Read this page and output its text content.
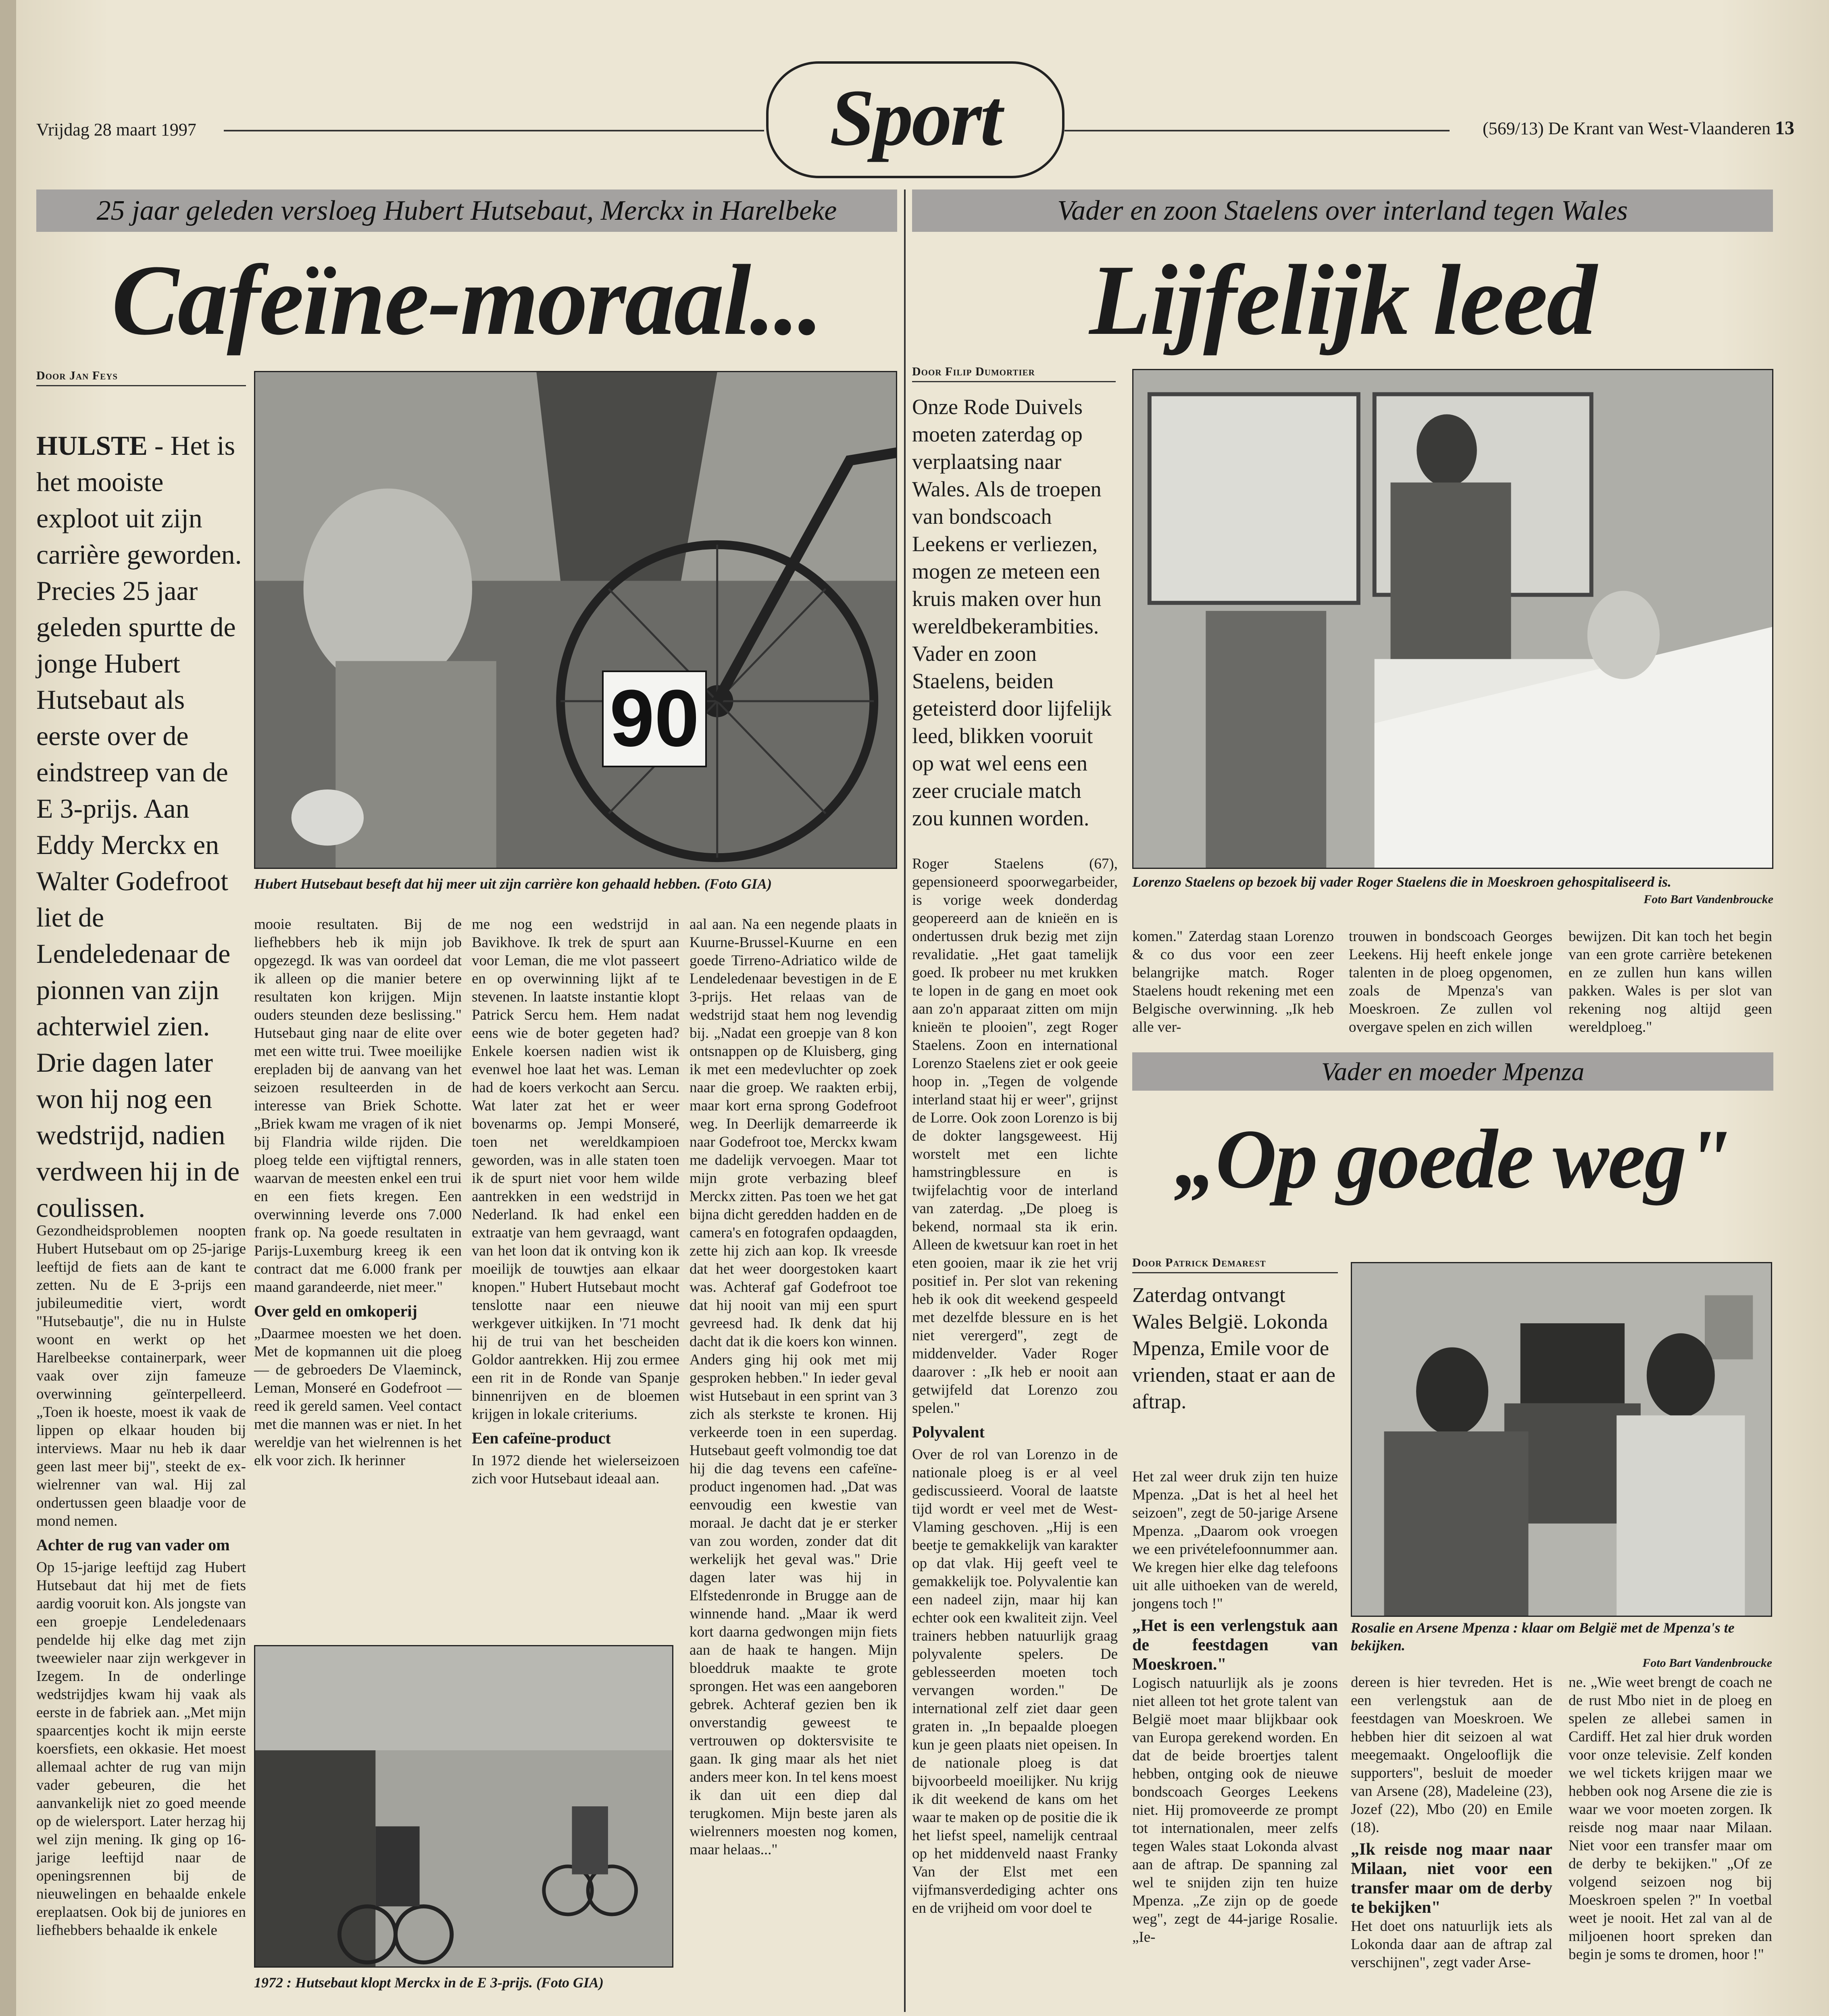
Vrijdag 28 maart 1997	Sport	(569/13) De Krant van West-Vlaanderen 13
25 jaar geleden versloeg Hubert Hutsebaut, Merckx in Harelbeke
Cafeïne-moraal...
Door Jan Feys
HULSTE - Het is het mooiste exploot uit zijn carrière geworden. Precies 25 jaar geleden spurtte de jonge Hubert Hutsebaut als eerste over de eindstreep van de E 3-prijs. Aan Eddy Merckx en Walter Godefroot liet de Lendeledenaar de pionnen van zijn achterwiel zien. Drie dagen later won hij nog een wedstrijd, nadien verdween hij in de coulissen.
90
Hubert Hutsebaut beseft dat hij meer uit zijn carrière kon gehaald hebben. (Foto GIA)

Gezondheidsproblemen noopten Hubert Hutsebaut om op 25-jarige leeftijd de fiets aan de kant te zetten. Nu de E 3-prijs een jubileumeditie viert, wordt "Hutsebautje", die nu in Hulste woont en werkt op het Harelbeekse containerpark, weer vaak over zijn fameuze overwinning geïnterpelleerd. „Toen ik hoeste, moest ik vaak de lippen op elkaar houden bij interviews. Maar nu heb ik daar geen last meer bij", steekt de ex-wielrenner van wal. Hij zal ondertussen geen blaadje voor de mond nemen.

Achter de rug van vader om

Op 15-jarige leeftijd zag Hubert Hutsebaut dat hij met de fiets aardig vooruit kon. Als jongste van een groepje Lendeledenaars pendelde hij elke dag met zijn tweewieler naar zijn werkgever in Izegem. In de onderlinge wedstrijdjes kwam hij vaak als eerste in de fabriek aan. „Met mijn spaarcentjes kocht ik mijn eerste koersfiets, een okkasie. Het moest allemaal achter de rug van mijn vader gebeuren, die het aanvankelijk niet zo goed meende op de wielersport. Later herzag hij wel zijn mening. Ik ging op 16-jarige leeftijd naar de openingsrennen bij de nieuwelingen en behaalde enkele ereplaatsen. Ook bij de juniores en liefhebbers behaalde ik enkele

mooie resultaten. Bij de liefhebbers heb ik mijn job opgezegd. Ik was van oordeel dat ik alleen op die manier betere resultaten kon krijgen. Mijn ouders steunden deze beslissing." Hutsebaut ging naar de elite over met een witte trui. Twee moeilijke erepladen bij de aanvang van het seizoen resulteerden in de interesse van Briek Schotte. „Briek kwam me vragen of ik niet bij Flandria wilde rijden. Die ploeg telde een vijftigtal renners, waarvan de meesten enkel een trui en een fiets kregen. Een overwinning leverde ons 7.000 frank op. Na goede resultaten in Parijs-Luxemburg kreeg ik een contract dat me 6.000 frank per maand garandeerde, niet meer."

Over geld en omkoperij

„Daarmee moesten we het doen. Met de kopmannen uit die ploeg — de gebroeders De Vlaeminck, Leman, Monseré en Godefroot — reed ik gereld samen. Veel contact met die mannen was er niet. In het wereldje van het wielrennen is het elk voor zich. Ik herinner

me nog een wedstrijd in Bavikhove. Ik trek de spurt aan voor Leman, die me vlot passeert en op overwinning lijkt af te stevenen. In laatste instantie klopt Patrick Sercu hem. Hem nadat eens wie de boter gegeten had? Enkele koersen nadien wist ik evenwel hoe laat het was. Leman had de koers verkocht aan Sercu. Wat later zat het er weer bovenarms op. Jempi Monseré, toen net wereldkampioen geworden, was in alle staten toen ik de spurt niet voor hem wilde aantrekken in een wedstrijd in Nederland. Ik had enkel een extraatje van hem gevraagd, want van het loon dat ik ontving kon ik moeilijk de touwtjes aan elkaar knopen." Hubert Hutsebaut mocht tenslotte naar een nieuwe werkgever uitkijken. In '71 mocht hij de trui van het bescheiden Goldor aantrekken. Hij zou ermee een rit in de Ronde van Spanje binnenrijven en de bloemen krijgen in lokale criteriums.

Een cafeïne-product

In 1972 diende het wielerseizoen zich voor Hutsebaut ideaal aan.

aal aan. Na een negende plaats in Kuurne-Brussel-Kuurne en een goede Tirreno-Adriatico wilde de Lendeledenaar bevestigen in de E 3-prijs. Het relaas van de wedstrijd staat hem nog levendig bij. „Nadat een groepje van 8 kon ontsnappen op de Kluisberg, ging ik met een medevluchter op zoek naar die groep. We raakten erbij, maar kort erna sprong Godefroot weg. In Deerlijk demarreerde ik naar Godefroot toe, Merckx kwam me dadelijk vervoegen. Maar tot mijn grote verbazing bleef Merckx zitten. Pas toen we het gat bijna dicht geredden hadden en de camera's en fotografen opdaagden, zette hij zich aan kop. Ik vreesde dat het weer doorgestoken kaart was. Achteraf gaf Godefroot toe dat hij nooit van mij een spurt gevreesd had. Ik denk dat hij dacht dat ik die koers kon winnen. Anders ging hij ook met mij gesproken hebben." In ieder geval wist Hutsebaut in een sprint van 3 zich als sterkste te kronen. Hij verkeerde toen in een superdag. Hutsebaut geeft volmondig toe dat hij die dag tevens een cafeïne-product ingenomen had. „Dat was eenvoudig een kwestie van moraal. Je dacht dat je er sterker van zou worden, zonder dat dit werkelijk het geval was." Drie dagen later was hij in Elfstedenronde in Brugge aan de winnende hand. „Maar ik werd kort daarna gedwongen mijn fiets aan de haak te hangen. Mijn bloeddruk maakte te grote sprongen. Het was een aangeboren gebrek. Achteraf gezien ben ik onverstandig geweest te vertrouwen op doktersvisite te gaan. Ik ging maar als het niet anders meer kon. In tel kens moest ik dan uit een diep dal terugkomen. Mijn beste jaren als wielrenners moesten nog komen, maar helaas..."

1972 : Hutsebaut klopt Merckx in de E 3-prijs. (Foto GIA)
Vader en zoon Staelens over interland tegen Wales
Lijfelijk leed
Door Filip Dumortier
Onze Rode Duivels moeten zaterdag op verplaatsing naar Wales. Als de troepen van bondscoach Leekens er verliezen, mogen ze meteen een kruis maken over hun wereldbekerambities. Vader en zoon Staelens, beiden geteisterd door lijfelijk leed, blikken vooruit op wat wel eens een zeer cruciale match zou kunnen worden.
Lorenzo Staelens op bezoek bij vader Roger Staelens die in Moeskroen gehospitaliseerd is.
Foto Bart Vandenbroucke

Roger Staelens (67), gepensioneerd spoorwegarbeider, is vorige week donderdag geopereerd aan de knieën en is ondertussen druk bezig met zijn revalidatie. „Het gaat tamelijk goed. Ik probeer nu met krukken te lopen in de gang en moet ook aan zo'n apparaat zitten om mijn knieën te plooien", zegt Roger Staelens. Zoon en international Lorenzo Staelens ziet er ook geeie hoop in. „Tegen de volgende interland staat hij er weer", grijnst de Lorre. Ook zoon Lorenzo is bij de dokter langsgeweest. Hij worstelt met een lichte hamstringblessure en is twijfelachtig voor de interland van zaterdag. „De ploeg is bekend, normaal sta ik erin. Alleen de kwetsuur kan roet in het eten gooien, maar ik zie het vrij positief in. Per slot van rekening heb ik ook dit weekend gespeeld met dezelfde blessure en is het niet verergerd", zegt de middenvelder. Vader Roger daarover : „Ik heb er nooit aan getwijfeld dat Lorenzo zou spelen."

Polyvalent

Over de rol van Lorenzo in de nationale ploeg is er al veel gediscussieerd. Vooral de laatste tijd wordt er veel met de West-Vlaming geschoven. „Hij is een beetje te gemakkelijk van karakter op dat vlak. Hij geeft veel te gemakkelijk toe. Polyvalentie kan een nadeel zijn, maar hij kan echter ook een kwaliteit zijn. Veel trainers hebben natuurlijk graag polyvalente spelers. De geblesseerden moeten toch vervangen worden." De international zelf ziet daar geen graten in. „In bepaalde ploegen kun je geen plaats niet opeisen. In de nationale ploeg is dat bijvoorbeeld moeilijker. Nu krijg ik dit weekend de kans om het waar te maken op de positie die ik het liefst speel, namelijk centraal op het middenveld naast Franky Van der Elst met een vijfmansverdediging achter ons en de vrijheid om voor doel te

komen." Zaterdag staan Lorenzo & co dus voor een zeer belangrijke match. Roger Staelens houdt rekening met een Belgische overwinning. „Ik heb alle ver-

trouwen in bondscoach Georges Leekens. Hij heeft enkele jonge talenten in de ploeg opgenomen, zoals de Mpenza's van Moeskroen. Ze zullen vol overgave spelen en zich willen

bewijzen. Dit kan toch het begin van een grote carrière betekenen en ze zullen hun kans willen pakken. Wales is per slot van rekening nog altijd geen wereldploeg."

Vader en moeder Mpenza
„Op goede weg"
Door Patrick Demarest
Zaterdag ontvangt Wales België. Lokonda Mpenza, Emile voor de vrienden, staat er aan de aftrap.
Rosalie en Arsene Mpenza : klaar om België met de Mpenza's te bekijken.
Foto Bart Vandenbroucke

Het zal weer druk zijn ten huize Mpenza. „Dat is het al heel het seizoen", zegt de 50-jarige Arsene Mpenza. „Daarom ook vroegen we een privételefoonnummer aan. We kregen hier elke dag telefoons uit alle uithoeken van de wereld, jongens toch !"

„Het is een verlengstuk aan de feestdagen van Moeskroen."

Logisch natuurlijk als je zoons niet alleen tot het grote talent van België moet maar blijkbaar ook van Europa gerekend worden. En dat de beide broertjes talent hebben, ontging ook de nieuwe bondscoach Georges Leekens niet. Hij promoveerde ze prompt tot internationalen, meer zelfs tegen Wales staat Lokonda alvast aan de aftrap. De spanning zal wel te snijden zijn ten huize Mpenza. „Ze zijn op de goede weg", zegt de 44-jarige Rosalie. „Ie-

dereen is hier tevreden. Het is een verlengstuk aan de feestdagen van Moeskroen. We hebben hier dit seizoen al wat meegemaakt. Ongelooflijk die supporters", besluit de moeder van Arsene (28), Madeleine (23), Jozef (22), Mbo (20) en Emile (18).

„Ik reisde nog maar naar Milaan, niet voor een transfer maar om de derby te bekijken"

Het doet ons natuurlijk iets als Lokonda daar aan de aftrap zal verschijnen", zegt vader Arse-

ne. „Wie weet brengt de coach ne de rust Mbo niet in de ploeg en spelen ze allebei samen in Cardiff. Het zal hier druk worden voor onze televisie. Zelf konden we wel tickets krijgen maar we hebben ook nog Arsene die zie is waar we voor moeten zorgen. Ik reisde nog maar naar Milaan. Niet voor een transfer maar om de derby te bekijken." „Of ze volgend seizoen nog bij Moeskroen spelen ?" In voetbal weet je nooit. Het zal van al de miljoenen hoort spreken dan begin je soms te dromen, hoor !"
